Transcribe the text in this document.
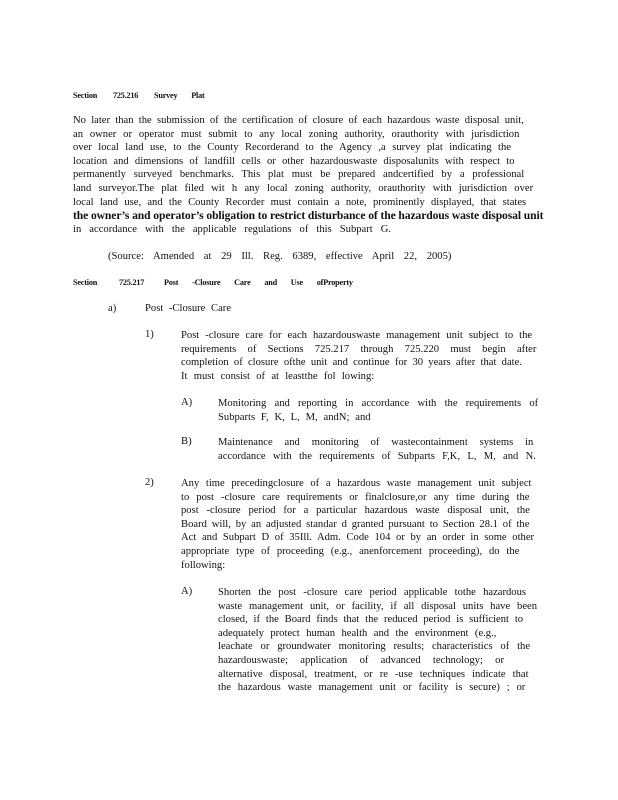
Section 725.216 Survey Plat
No later than the submission of the certification of closure of each hazardous waste disposal unit,
an owner or operator must submit to any local zoning authority, orauthority with jurisdiction
over local land use, to the County Recorderand to the Agency ,a survey plat indicating the
location and dimensions of landfill cells or other hazardouswaste disposalunits with respect to
permanently surveyed benchmarks. This plat must be prepared andcertified by a professional
land surveyor.The plat filed wit h any local zoning authority, orauthority with jurisdiction over
local land use, and the County Recorder must contain a note, prominently displayed, that states
the owner’s and operator’s obligation to restrict disturbance of the hazardous waste disposal unit
in accordance with the applicable regulations of this Subpart G.
(Source: Amended at 29 Ill. Reg. 6389, effective April 22, 2005)
Section	725.217 Post -Closure Care and Use ofProperty
a)	Post -Closure Care
1)	Post -closure care for each hazardouswaste management unit subject to the
requirements of Sections 725.217 through 725.220 must begin after
completion of closure ofthe unit and continue for 30 years after that date.
It must consist of at leastthe fol lowing:
A) Monitoring and reporting in accordance with the requirements of
Subparts F, K, L, M, andN; and
B) Maintenance and monitoring of wastecontainment systems in
accordance with the requirements of Subparts F,K, L, M, and N.
2)	Any time precedingclosure of a hazardous waste management unit subject
to post -closure care requirements or finalclosure,or any time during the
post -closure period for a particular hazardous waste disposal unit, the
Board will, by an adjusted standar d granted pursuant to Section 28.1 of the
Act and Subpart D of 35Ill. Adm. Code 104 or by an order in some other
appropriate type of proceeding (e.g., anenforcement proceeding), do the
following:
A) Shorten the post -closure care period applicable tothe hazardous
waste management unit, or facility, if all disposal units have been
closed, if the Board finds that the reduced period is sufficient to
adequately protect human health and the environment (e.g.,
leachate or groundwater monitoring results; characteristics of the
hazardouswaste; application of advanced technology; or
alternative disposal, treatment, or re -use techniques indicate that
the hazardous waste management unit or facility is secure) ; or
